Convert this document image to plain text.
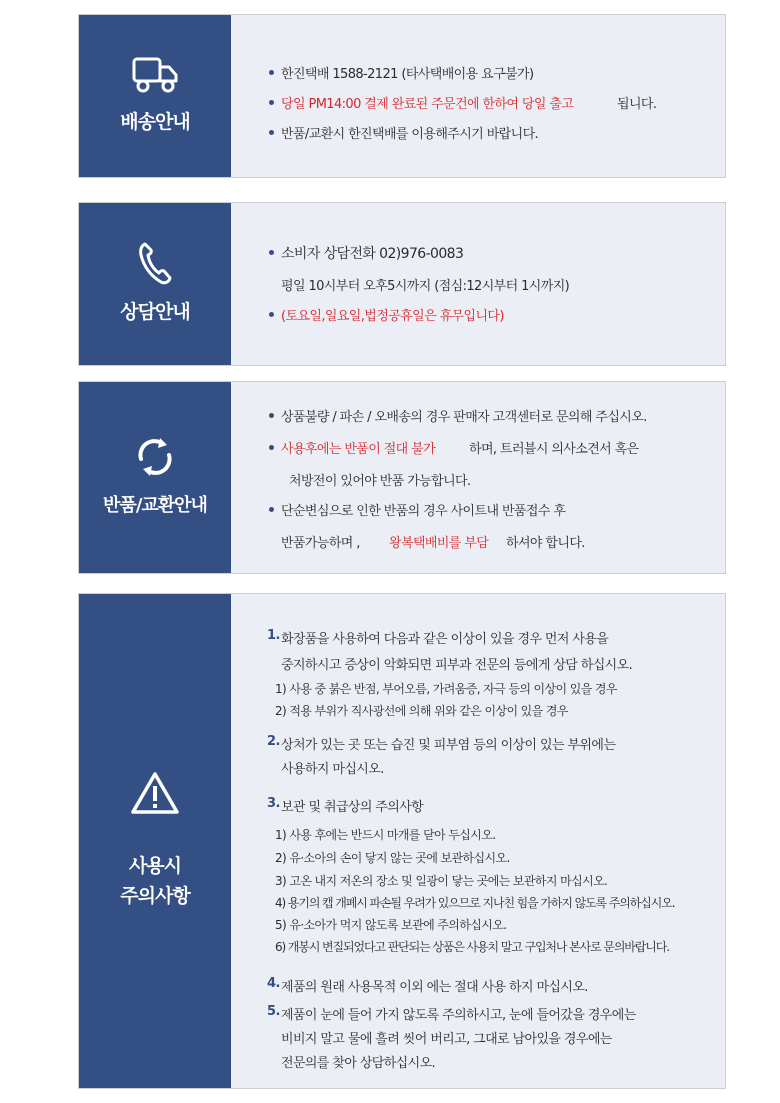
배송안내
한진택배 1588-2121 (타사택배이용 요구불가)
당일 PM14:00 결제 완료된 주문건에 한하여 당일 출고	됩니다.
반품/교환시 한진택배를 이용해주시기 바랍니다.
상담안내
소비자 상담전화 02)976-0083
평일 10시부터 오후5시까지 (점심:12시부터 1시까지)
(토요일,일요일,법정공휴일은 휴무입니다)
반품/교환안내
상품불량 / 파손 / 오배송의 경우 판매자 고객센터로 문의해 주십시오.
사용후에는 반품이 절대 불가	하며, 트러블시 의사소견서 혹은
처방전이 있어야 반품 가능합니다.
단순변심으로 인한 반품의 경우 사이트내 반품접수 후
반품가능하며 , 왕복택배비를 부담 하셔야 합니다.
사용시
주의사항
1. 화장품을 사용하여 다음과 같은 이상이 있을 경우 먼저 사용을
중지하시고 증상이 악화되면 피부과 전문의 등에게 상담 하십시오.
1) 사용 중 붉은 반점, 부어오름, 가려움증, 자극 등의 이상이 있을 경우
2) 적용 부위가 직사광선에 의해 위와 같은 이상이 있을 경우
2. 상처가 있는 곳 또는 습진 및 피부염 등의 이상이 있는 부위에는
사용하지 마십시오.
3. 보관 및 취급상의 주의사항
1) 사용 후에는 반드시 마개를 닫아 두십시오.
2) 유·소아의 손이 닿지 않는 곳에 보관하십시오.
3) 고온 내지 저온의 장소 및 일광이 닿는 곳에는 보관하지 마십시오.
4) 용기의 캡 개폐시 파손될 우려가 있으므로 지나친 힘을 가하지 않도록 주의하십시오.
5) 유·소아가 먹지 않도록 보관에 주의하십시오.
6) 개봉시 변질되었다고 판단되는 상품은 사용치 말고 구입처나 본사로 문의바랍니다.
4. 제품의 원래 사용목적 이외 에는 절대 사용 하지 마십시오.
5. 제품이 눈에 들어 가지 않도록 주의하시고, 눈에 들어갔을 경우에는
비비지 말고 물에 흘려 씻어 버리고, 그대로 남아있을 경우에는
전문의를 찾아 상담하십시오.
